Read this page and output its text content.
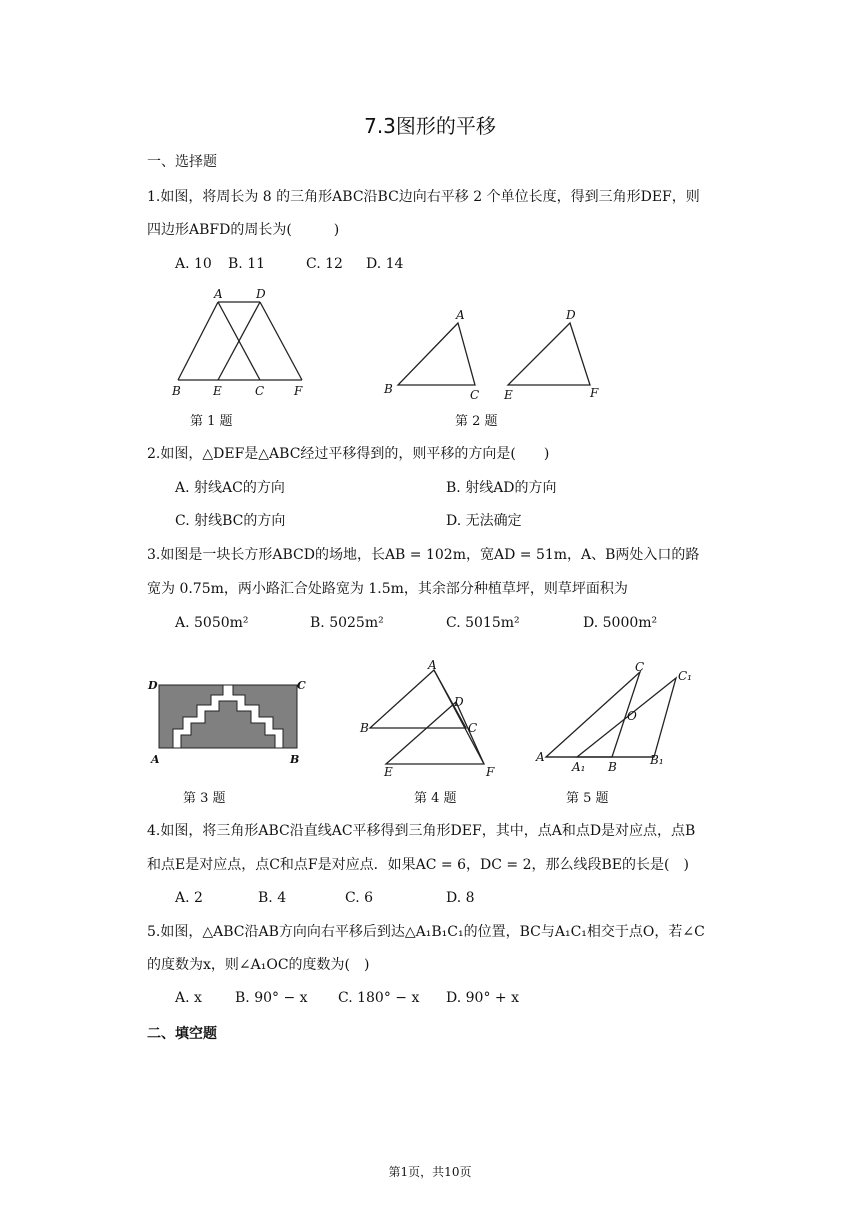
7.3图形的平移
一、选择题
1.如图，将周长为 8 的三角形ABC沿BC边向右平移 2 个单位长度，得到三角形DEF，则
四边形ABFD的周长为(　　　)
A. 10 B. 11	C. 12 D. 14
A	D
B	E	C F
第 1 题
A
B	C
D
E	F
第 2 题
2.如图，△DEF是△ABC经过平移得到的，则平移的方向是(　　)
A. 射线AC的方向	B. 射线AD的方向
C. 射线BC的方向	D. 无法确定
3.如图是一块长方形ABCD的场地，长AB = 102m，宽AD = 51m，A、B两处入口的路
宽为 0.75m，两小路汇合处路宽为 1.5m，其余部分种植草坪，则草坪面积为
A. 5050m²	B. 5025m²	C. 5015m²	D. 5000m²
D	C
A	B
第 3 题
A
D
B	C
E	F
第 4 题
C
C₁
O
A
A₁ B	B₁
第 5 题
4.如图，将三角形ABC沿直线AC平移得到三角形DEF，其中，点A和点D是对应点，点B
和点E是对应点，点C和点F是对应点．如果AC = 6，DC = 2，那么线段BE的长是(　)
A. 2	B. 4	C. 6	D. 8
5.如图，△ABC沿AB方向向右平移后到达△A₁B₁C₁的位置，BC与A₁C₁相交于点O，若∠C
的度数为x，则∠A₁OC的度数为(　)
A. x B. 90° − x C. 180° − x D. 90° + x
二、填空题
第1页，共10页
